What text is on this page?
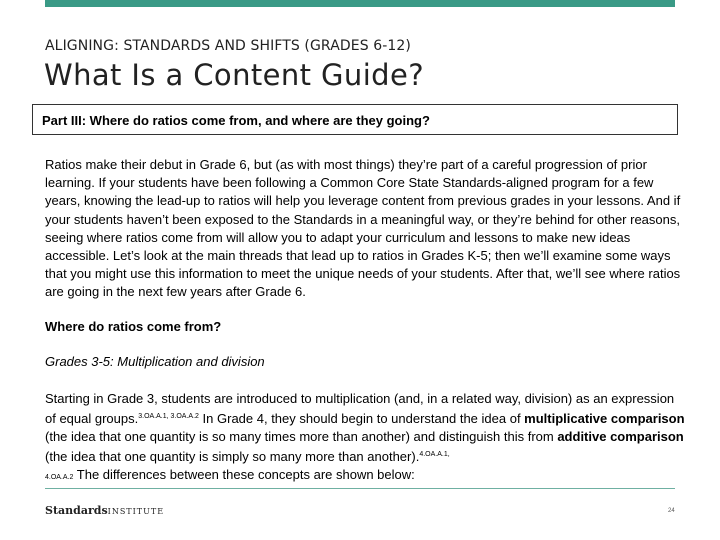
ALIGNING: STANDARDS AND SHIFTS (GRADES 6-12)
What Is a Content Guide?
Part III: Where do ratios come from, and where are they going?
Ratios make their debut in Grade 6, but (as with most things) they’re part of a careful progression of prior learning. If your students have been following a Common Core State Standards-aligned program for a few years, knowing the lead-up to ratios will help you leverage content from previous grades in your lessons. And if your students haven’t been exposed to the Standards in a meaningful way, or they’re behind for other reasons, seeing where ratios come from will allow you to adapt your curriculum and lessons to make new ideas accessible. Let’s look at the main threads that lead up to ratios in Grades K-5; then we’ll examine some ways that you might use this information to meet the unique needs of your students. After that, we’ll see where ratios are going in the next few years after Grade 6.
Where do ratios come from?
Grades 3-5: Multiplication and division
Starting in Grade 3, students are introduced to multiplication (and, in a related way, division) as an expression of equal groups.$^{3.OA.A.1, 3.OA.A.2}$ In Grade 4, they should begin to understand the idea of multiplicative comparison (the idea that one quantity is so many times more than another) and distinguish this from additive comparison (the idea that one quantity is simply so many more than another).$^{4.OA.A.1,}$
4.OA.A.2 The differences between these concepts are shown below:
StandardsINSTITUTE	24
